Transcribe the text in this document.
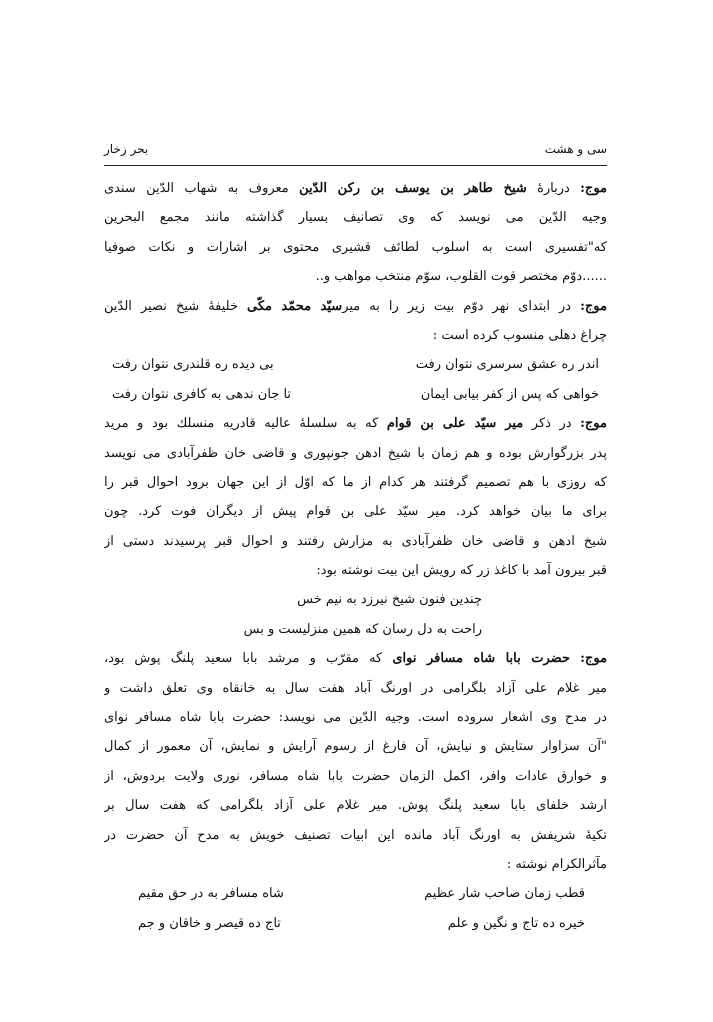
سی و هشت
بحر زخار
موج: دربارهٔ شیخ طاهر بن یوسف بن رکن الدّین معروف به شهاب الدّین سندی
وجیه الدّین می نویسد که وی تصانیف بسیار گذاشته مانند مجمع البحرین
که"تفسیری است به اسلوب لطائف قشیری محتوی بر اشارات و نکات صوفیا
......دوّم مختصر قوت القلوب، سوّم منتخب مواهب و..
موج: در ابتدای نهر دوّم بیت زیر را به میرسیّد محمّد مکّی خلیفهٔ شیخ نصیر الدّین
چراغ دهلی منسوب کرده است :
اندر ره عشق سرسری نتوان رفت
بی دیده ره قلندری نتوان رفت
خواهی که پس از کفر بیابی ایمان
تا جان ندهی به کافری نتوان رفت
موج: در ذکر میر سیّد علی بن قوام که به سلسلهٔ عالیه قادریه منسلك بود و مرید
پدر بزرگوارش بوده و هم زمان با شیخ ادهن جونپوری و قاضی خان ظفرآبادی می نویسد
که روزی با هم تصمیم گرفتند هر کدام از ما که اوّل از این جهان برود احوال قبر را
برای ما بیان خواهد کرد. میر سیّد علی بن قوام پیش از دیگران فوت کرد. چون
شیخ ادهن و قاضی خان ظفرآبادی به مزارش رفتند و احوال قبر پرسیدند دستی از
قبر بیرون آمد با کاغذ زر که رویش این بیت نوشته بود:
چندین فنون شیخ نیرزد به نیم خس
راحت به دل رسان که همین منزلیست و بس
موج: حضرت بابا شاه مسافر نوای که مقرّب و مرشد بابا سعید پلنگ پوش بود،
میر غلام علی آزاد بلگرامی در اورنگ آباد هفت سال به خانقاه وی تعلق داشت و
در مدح وی اشعار سروده است. وجیه الدّین می نویسد: حضرت بابا شاه مسافر نوای
"آن سزاوار ستایش و نیایش، آن فارغ از رسوم آرایش و نمایش، آن معمور از کمال
و خوارق عادات وافر، اکمل الزمان حضرت بابا شاه مسافر، نوری ولایت بردوش، از
ارشد خلفای بابا سعید پلنگ پوش. میر غلام علی آزاد بلگرامی که هفت سال بر
تکیهٔ شریفش به اورنگ آباد مانده این ابیات تصنیف خویش به مدح آن حضرت در
مآثرالکرام نوشته :
قطب زمان صاحب شار عظیم
شاه مسافر به در حق مقیم
خیره ده تاج و نگین و علم
تاج ده قیصر و خاقان و جم
